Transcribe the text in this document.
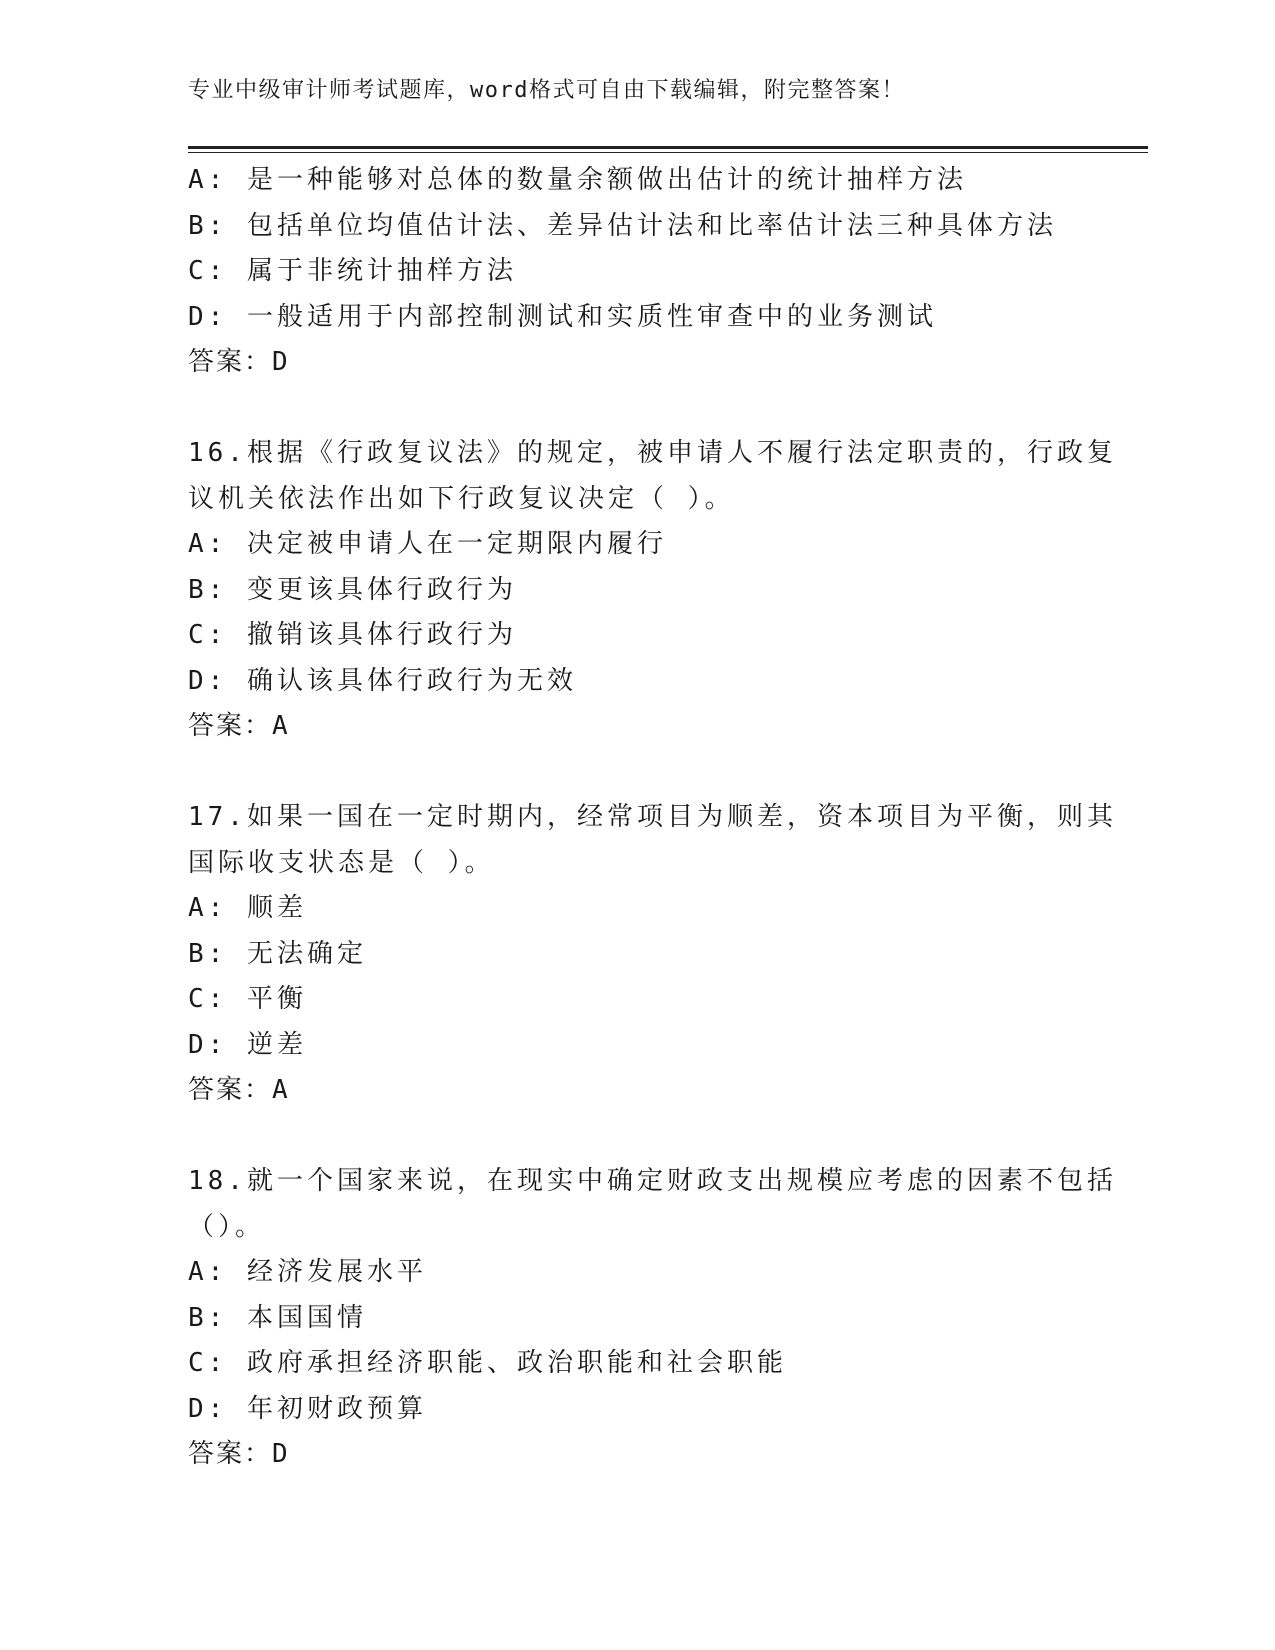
专业中级审计师考试题库，word格式可自由下载编辑，附完整答案！
A: 是一种能够对总体的数量余额做出估计的统计抽样方法
B: 包括单位均值估计法、差异估计法和比率估计法三种具体方法
C: 属于非统计抽样方法
D: 一般适用于内部控制测试和实质性审查中的业务测试
答案：D
16.根据《行政复议法》的规定，被申请人不履行法定职责的，行政复
议机关依法作出如下行政复议决定（ ）。
A: 决定被申请人在一定期限内履行
B: 变更该具体行政行为
C: 撤销该具体行政行为
D: 确认该具体行政行为无效
答案：A
17.如果一国在一定时期内，经常项目为顺差，资本项目为平衡，则其
国际收支状态是（ ）。
A: 顺差
B: 无法确定
C: 平衡
D: 逆差
答案：A
18.就一个国家来说，在现实中确定财政支出规模应考虑的因素不包括
（）。
A: 经济发展水平
B: 本国国情
C: 政府承担经济职能、政治职能和社会职能
D: 年初财政预算
答案：D
